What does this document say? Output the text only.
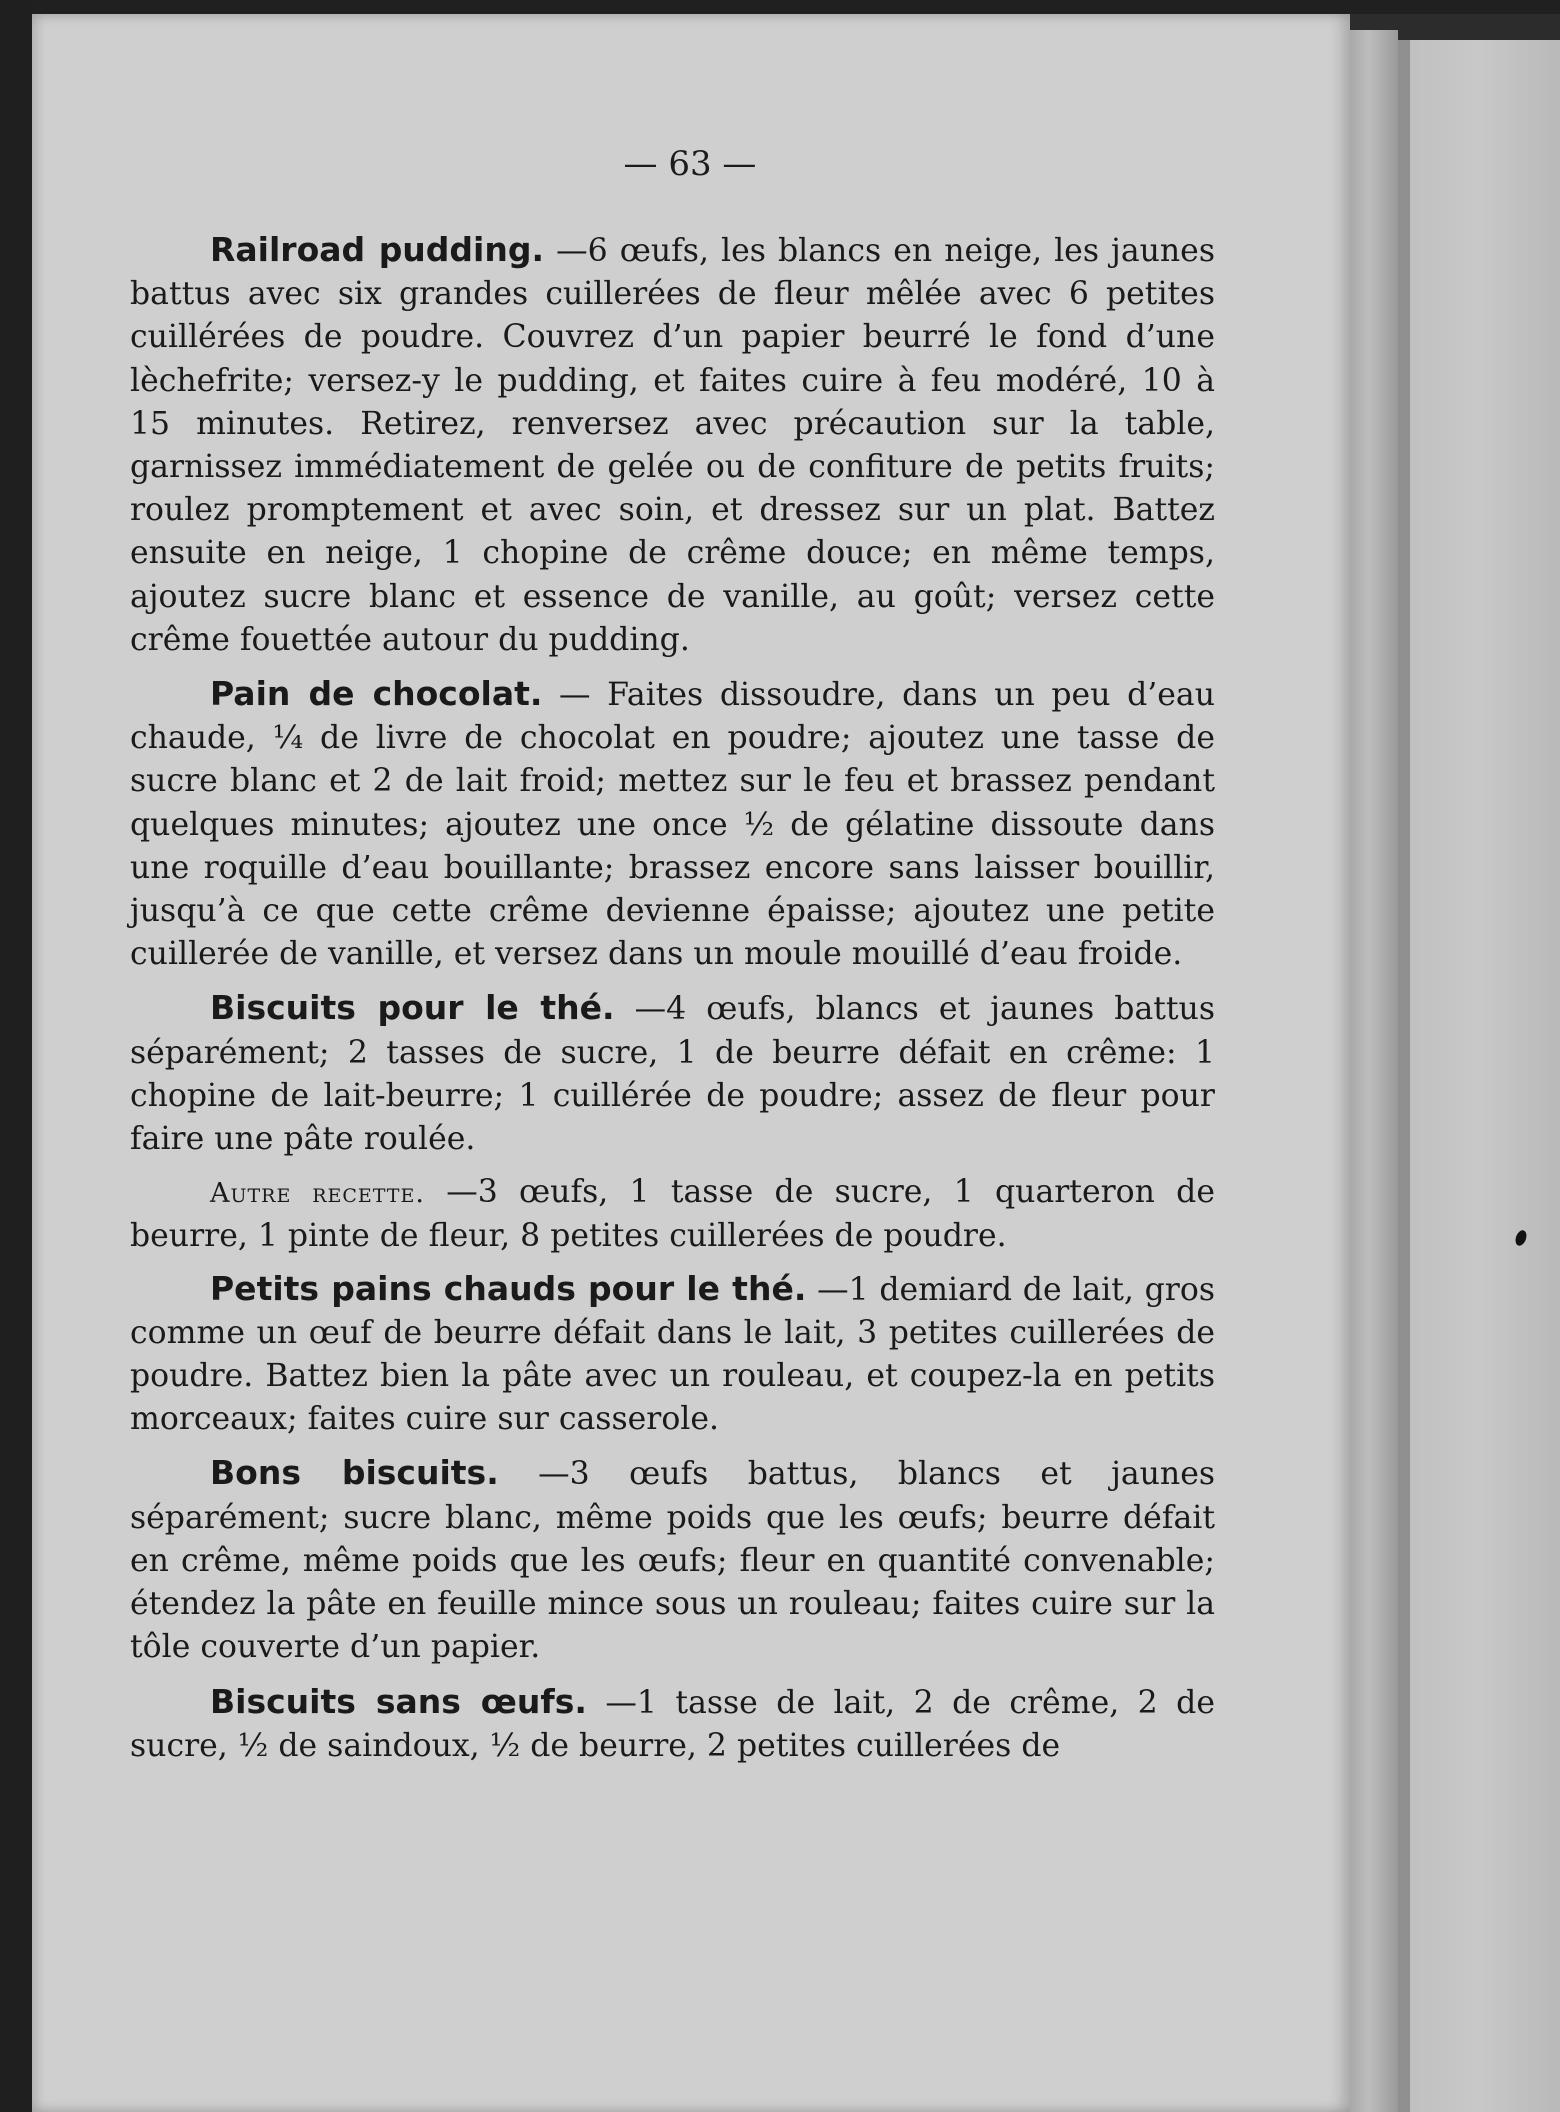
— 63 —

Railroad pudding. —6 œufs, les blancs en neige, les jaunes battus avec six grandes cuillerées de fleur mêlée avec 6 petites cuillérées de poudre. Couvrez d’un papier beurré le fond d’une lèchefrite; versez-y le pudding, et faites cuire à feu modéré, 10 à 15 minutes. Retirez, renversez avec précaution sur la table, garnissez immédiatement de gelée ou de confiture de petits fruits; roulez promptement et avec soin, et dressez sur un plat. Battez ensuite en neige, 1 chopine de crême douce; en même temps, ajoutez sucre blanc et essence de vanille, au goût; versez cette crême fouettée autour du pudding.

Pain de chocolat. — Faites dissoudre, dans un peu d’eau chaude, ¼ de livre de chocolat en poudre; ajoutez une tasse de sucre blanc et 2 de lait froid; mettez sur le feu et brassez pendant quelques minutes; ajoutez une once ½ de gélatine dissoute dans une roquille d’eau bouillante; brassez encore sans laisser bouillir, jusqu’à ce que cette crême devienne épaisse; ajoutez une petite cuillerée de vanille, et versez dans un moule mouillé d’eau froide.

Biscuits pour le thé. —4 œufs, blancs et jaunes battus séparément; 2 tasses de sucre, 1 de beurre défait en crême: 1 chopine de lait-beurre; 1 cuillérée de poudre; assez de fleur pour faire une pâte roulée.

Autre recette. —3 œufs, 1 tasse de sucre, 1 quarteron de beurre, 1 pinte de fleur, 8 petites cuillerées de poudre.

Petits pains chauds pour le thé. —1 demiard de lait, gros comme un œuf de beurre défait dans le lait, 3 petites cuillerées de poudre. Battez bien la pâte avec un rouleau, et coupez-la en petits morceaux; faites cuire sur casserole.

Bons biscuits. —3 œufs battus, blancs et jaunes séparément; sucre blanc, même poids que les œufs; beurre défait en crême, même poids que les œufs; fleur en quantité convenable; étendez la pâte en feuille mince sous un rouleau; faites cuire sur la tôle couverte d’un papier.

Biscuits sans œufs. —1 tasse de lait, 2 de crême, 2 de sucre, ½ de saindoux, ½ de beurre, 2 petites cuillerées de
